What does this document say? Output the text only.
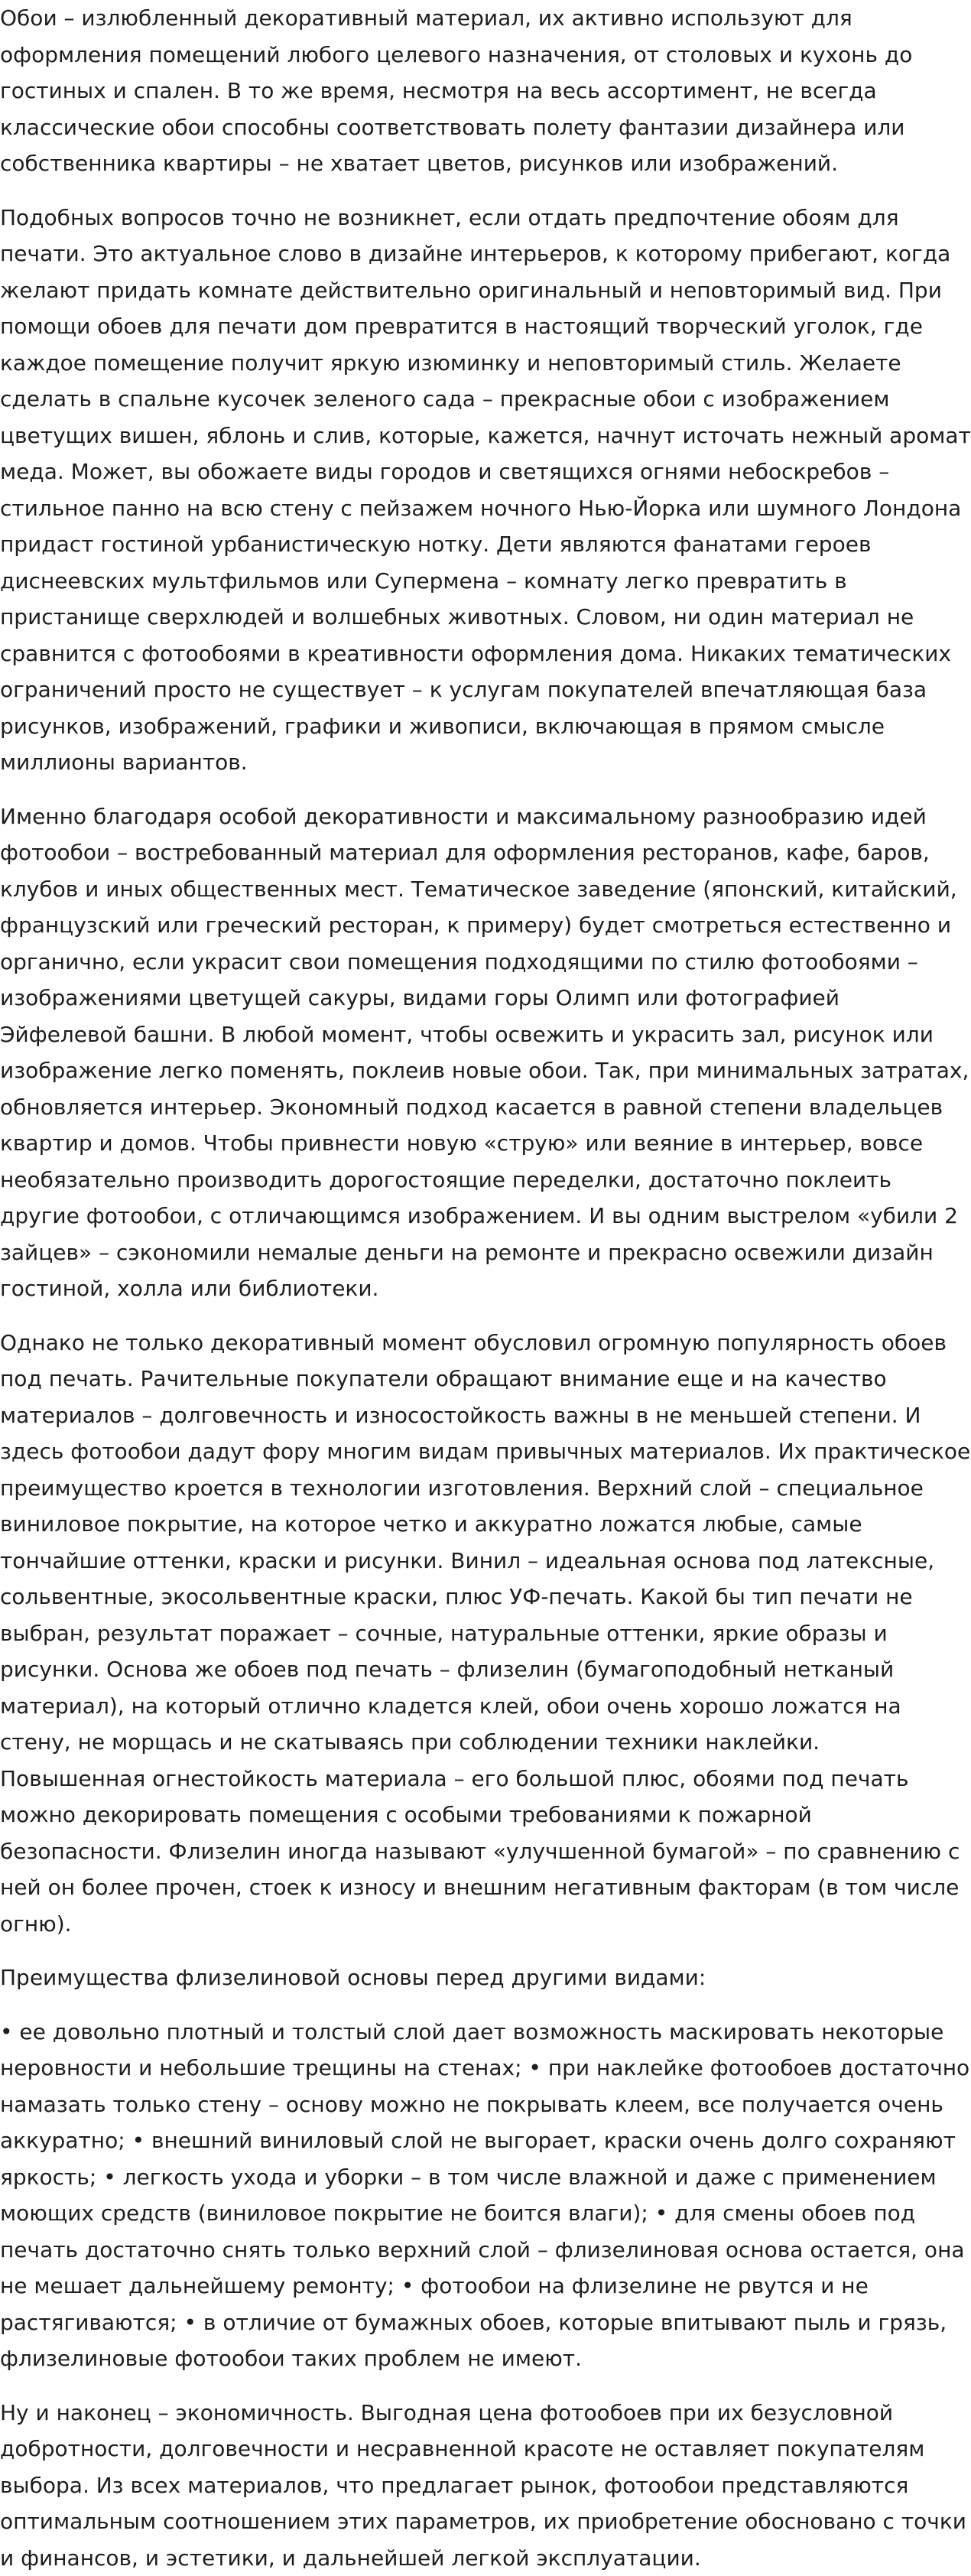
Обои – излюбленный декоративный материал, их активно используют для оформления помещений любого целевого назначения, от столовых и кухонь до гостиных и спален. В то же время, несмотря на весь ассортимент, не всегда классические обои способны соответствовать полету фантазии дизайнера или собственника квартиры – не хватает цветов, рисунков или изображений.

Подобных вопросов точно не возникнет, если отдать предпочтение обоям для печати. Это актуальное слово в дизайне интерьеров, к которому прибегают, когда желают придать комнате действительно оригинальный и неповторимый вид. При помощи обоев для печати дом превратится в настоящий творческий уголок, где каждое помещение получит яркую изюминку и неповторимый стиль. Желаете сделать в спальне кусочек зеленого сада – прекрасные обои с изображением цветущих вишен, яблонь и слив, которые, кажется, начнут источать нежный аромат меда. Может, вы обожаете виды городов и светящихся огнями небоскребов – стильное панно на всю стену с пейзажем ночного Нью-Йорка или шумного Лондона придаст гостиной урбанистическую нотку. Дети являются фанатами героев диснеевских мультфильмов или Супермена – комнату легко превратить в пристанище сверхлюдей и волшебных животных. Словом, ни один материал не сравнится с фотообоями в креативности оформления дома. Никаких тематических ограничений просто не существует – к услугам покупателей впечатляющая база рисунков, изображений, графики и живописи, включающая в прямом смысле миллионы вариантов.

Именно благодаря особой декоративности и максимальному разнообразию идей фотообои – востребованный материал для оформления ресторанов, кафе, баров, клубов и иных общественных мест. Тематическое заведение (японский, китайский, французский или греческий ресторан, к примеру) будет смотреться естественно и органично, если украсит свои помещения подходящими по стилю фотообоями – изображениями цветущей сакуры, видами горы Олимп или фотографией Эйфелевой башни. В любой момент, чтобы освежить и украсить зал, рисунок или изображение легко поменять, поклеив новые обои. Так, при минимальных затратах, обновляется интерьер. Экономный подход касается в равной степени владельцев квартир и домов. Чтобы привнести новую «струю» или веяние в интерьер, вовсе необязательно производить дорогостоящие переделки, достаточно поклеить другие фотообои, с отличающимся изображением. И вы одним выстрелом «убили 2 зайцев» – сэкономили немалые деньги на ремонте и прекрасно освежили дизайн гостиной, холла или библиотеки.

Однако не только декоративный момент обусловил огромную популярность обоев под печать. Рачительные покупатели обращают внимание еще и на качество материалов – долговечность и износостойкость важны в не меньшей степени. И здесь фотообои дадут фору многим видам привычных материалов. Их практическое преимущество кроется в технологии изготовления. Верхний слой – специальное виниловое покрытие, на которое четко и аккуратно ложатся любые, самые тончайшие оттенки, краски и рисунки. Винил – идеальная основа под латексные, сольвентные, экосольвентные краски, плюс УФ-печать. Какой бы тип печати не выбран, результат поражает – сочные, натуральные оттенки, яркие образы и рисунки. Основа же обоев под печать – флизелин (бумагоподобный нетканый материал), на который отлично кладется клей, обои очень хорошо ложатся на стену, не морщась и не скатываясь при соблюдении техники наклейки. Повышенная огнестойкость материала – его большой плюс, обоями под печать можно декорировать помещения с особыми требованиями к пожарной безопасности. Флизелин иногда называют «улучшенной бумагой» – по сравнению с ней он более прочен, стоек к износу и внешним негативным факторам (в том числе огню).

Преимущества флизелиновой основы перед другими видами:

• ее довольно плотный и толстый слой дает возможность маскировать некоторые неровности и небольшие трещины на стенах; • при наклейке фотообоев достаточно намазать только стену – основу можно не покрывать клеем, все получается очень аккуратно; • внешний виниловый слой не выгорает, краски очень долго сохраняют яркость; • легкость ухода и уборки – в том числе влажной и даже с применением моющих средств (виниловое покрытие не боится влаги); • для смены обоев под печать достаточно снять только верхний слой – флизелиновая основа остается, она не мешает дальнейшему ремонту; • фотообои на флизелине не рвутся и не растягиваются; • в отличие от бумажных обоев, которые впитывают пыль и грязь, флизелиновые фотообои таких проблем не имеют.

Ну и наконец – экономичность. Выгодная цена фотообоев при их безусловной добротности, долговечности и несравненной красоте не оставляет покупателям выбора. Из всех материалов, что предлагает рынок, фотообои представляются оптимальным соотношением этих параметров, их приобретение обосновано с точки и финансов, и эстетики, и дальнейшей легкой эксплуатации.
